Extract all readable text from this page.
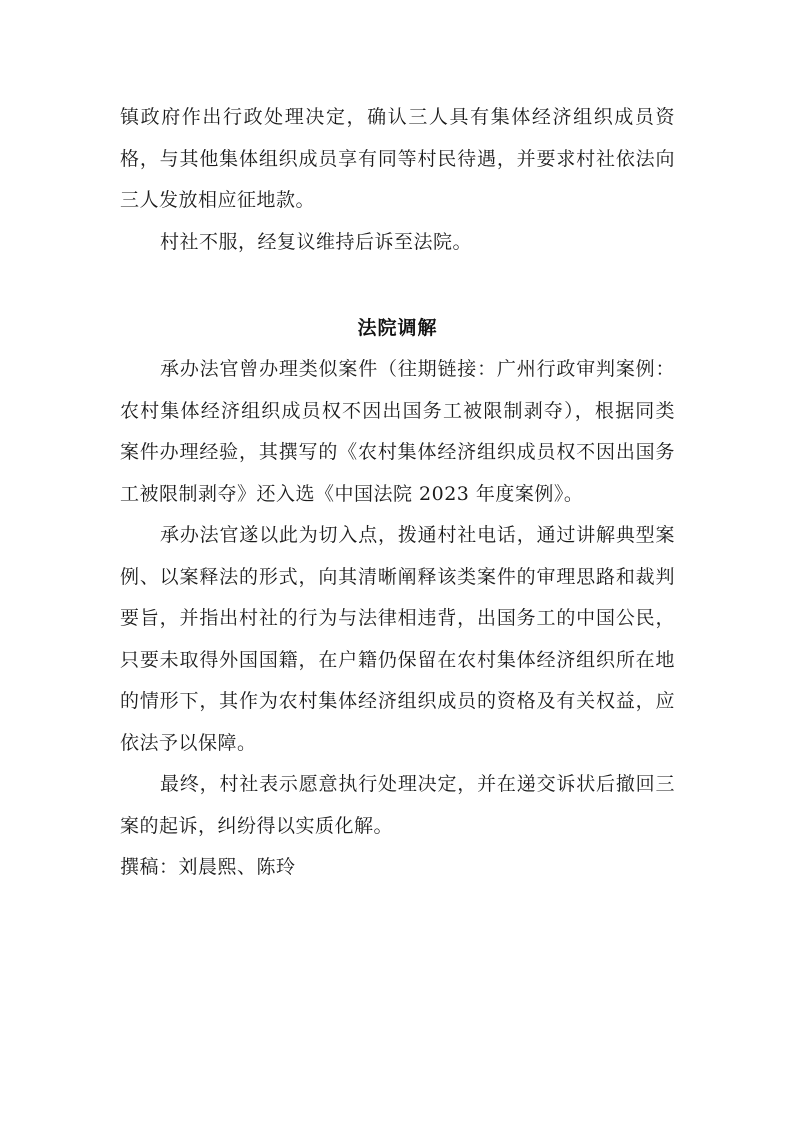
镇政府作出行政处理决定，确认三人具有集体经济组织成员资格，与其他集体组织成员享有同等村民待遇，并要求村社依法向三人发放相应征地款。

村社不服，经复议维持后诉至法院。

法院调解

承办法官曾办理类似案件（往期链接：广州行政审判案例：农村集体经济组织成员权不因出国务工被限制剥夺），根据同类案件办理经验，其撰写的《农村集体经济组织成员权不因出国务工被限制剥夺》还入选《中国法院 2023 年度案例》。

承办法官遂以此为切入点，拨通村社电话，通过讲解典型案例、以案释法的形式，向其清晰阐释该类案件的审理思路和裁判要旨，并指出村社的行为与法律相违背，出国务工的中国公民，只要未取得外国国籍，在户籍仍保留在农村集体经济组织所在地的情形下，其作为农村集体经济组织成员的资格及有关权益，应依法予以保障。

最终，村社表示愿意执行处理决定，并在递交诉状后撤回三案的起诉，纠纷得以实质化解。

撰稿：刘晨熙、陈玲
